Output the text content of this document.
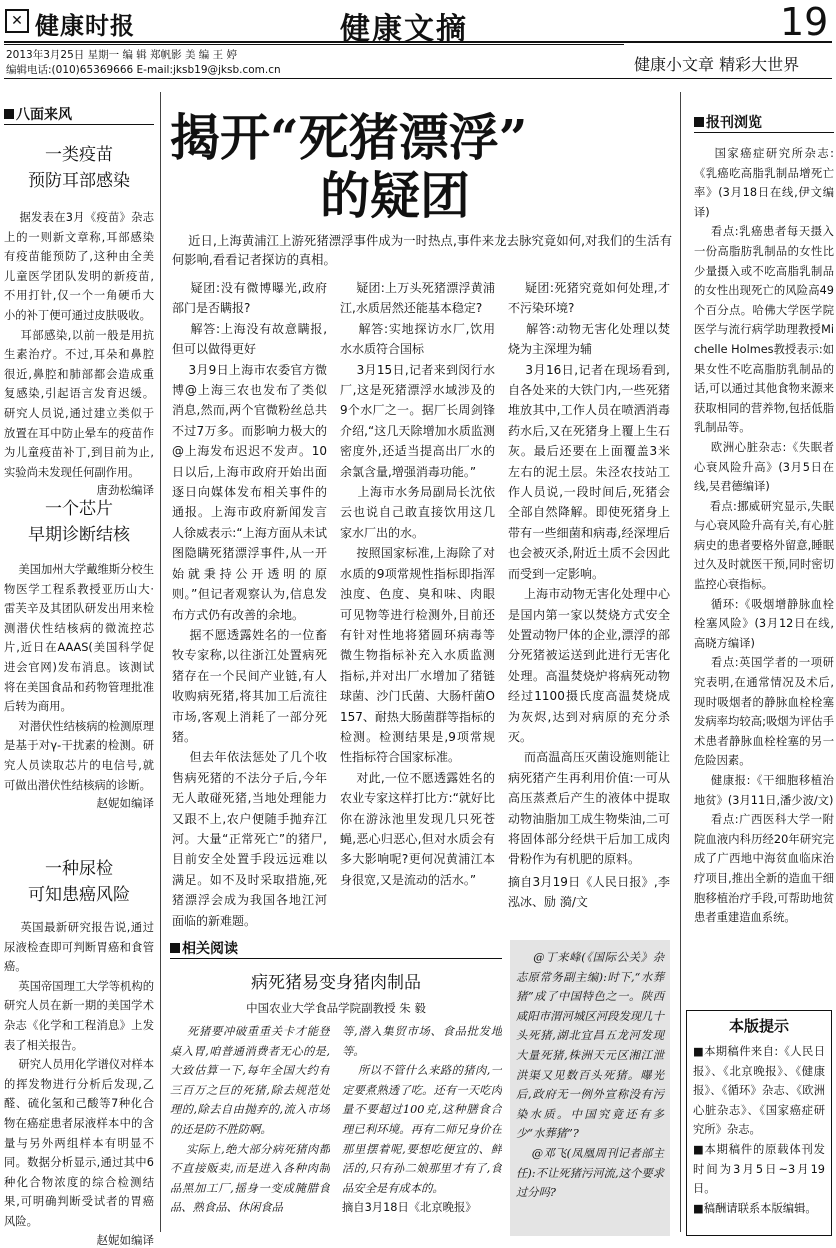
✕ 健康时报	健康文摘	19
2013年3月25日 星期一 编 辑 郑帆影 美 编 王 婷
编辑电话:(010)65369666 E-mail:jksb19@jksb.com.cn	健康小文章 精彩大世界
八面来风
一类疫苗
预防耳部感染
据发表在3月《疫苗》杂志上的一则新文章称,耳部感染有疫苗能预防了,这种由全美儿童医学团队发明的新疫苗,不用打针,仅一个一角硬币大小的补丁便可通过皮肤吸收。
耳部感染,以前一般是用抗生素治疗。不过,耳朵和鼻腔很近,鼻腔和肺部都会造成重复感染,引起语言发育迟缓。研究人员说,通过建立类似于放置在耳中防止晕车的疫苗作为儿童疫苗补丁,到目前为止,实验尚未发现任何副作用。
唐劲松编译
一个芯片
早期诊断结核
美国加州大学戴维斯分校生物医学工程系教授亚历山大·雷芙辛及其团队研发出用来检测潜伏性结核病的微流控芯片,近日在AAAS(美国科学促进会官网)发布消息。该测试将在美国食品和药物管理批准后转为商用。
对潜伏性结核病的检测原理是基于对γ-干扰素的检测。研究人员读取芯片的电信号,就可做出潜伏性结核病的诊断。
赵妮如编译
一种尿检
可知患癌风险
英国最新研究报告说,通过尿液检查即可判断胃癌和食管癌。
英国帝国理工大学等机构的研究人员在新一期的美国学术杂志《化学和工程消息》上发表了相关报告。
研究人员用化学谱仪对样本的挥发物进行分析后发现,乙醛、硫化氢和己酸等7种化合物在癌症患者尿液样本中的含量与另外两组样本有明显不同。数据分析显示,通过其中6种化合物浓度的综合检测结果,可明确判断受试者的胃癌风险。
赵妮如编译
揭开“死猪漂浮”
的疑团
近日,上海黄浦江上游死猪漂浮事件成为一时热点,事件来龙去脉究竟如何,对我们的生活有何影响,看看记者探访的真相。
疑团:没有微博曝光,政府部门是否瞒报?
解答:上海没有故意瞒报,但可以做得更好
3月9日上海市农委官方微博@上海三农也发布了类似消息,然而,两个官微粉丝总共不过7万多。而影响力极大的@上海发布迟迟不发声。10日以后,上海市政府开始出面逐日向媒体发布相关事件的通报。上海市政府新闻发言人徐威表示:“上海方面从未试图隐瞒死猪漂浮事件,从一开始就秉持公开透明的原则。”但记者观察认为,信息发布方式仍有改善的余地。
据不愿透露姓名的一位畜牧专家称,以往浙江处置病死猪存在一个民间产业链,有人收购病死猪,将其加工后流往市场,客观上消耗了一部分死猪。
但去年依法惩处了几个收售病死猪的不法分子后,今年无人敢碰死猪,当地处理能力又跟不上,农户便随手抛弃江河。大量“正常死亡”的猪尸,目前安全处置手段远远难以满足。如不及时采取措施,死猪漂浮会成为我国各地江河面临的新难题。
疑团:上万头死猪漂浮黄浦江,水质居然还能基本稳定?
解答:实地探访水厂,饮用水水质符合国标
3月15日,记者来到闵行水厂,这是死猪漂浮水域涉及的9个水厂之一。据厂长周剑锋介绍,“这几天除增加水质监测密度外,还适当提高出厂水的余氯含量,增强消毒功能。”
上海市水务局副局长沈依云也说自己敢直接饮用这几家水厂出的水。
按照国家标准,上海除了对水质的9项常规性指标即指浑浊度、色度、臭和味、肉眼可见物等进行检测外,目前还有针对性地将猪圆环病毒等微生物指标补充入水质监测指标,并对出厂水增加了猪链球菌、沙门氏菌、大肠杆菌O157、耐热大肠菌群等指标的检测。检测结果是,9项常规性指标符合国家标准。
对此,一位不愿透露姓名的农业专家这样打比方:“就好比你在游泳池里发现几只死苍蝇,恶心归恶心,但对水质会有多大影响呢?更何况黄浦江本身很宽,又是流动的活水。”
疑团:死猪究竟如何处理,才不污染环境?
解答:动物无害化处理以焚烧为主深埋为辅
3月16日,记者在现场看到,自各处来的大铁门内,一些死猪堆放其中,工作人员在喷洒消毒药水后,又在死猪身上覆上生石灰。最后还要在上面覆盖3米左右的泥土层。朱泾农技站工作人员说,一段时间后,死猪会全部自然降解。即使死猪身上带有一些细菌和病毒,经深埋后也会被灭杀,附近土质不会因此而受到一定影响。
上海市动物无害化处理中心是国内第一家以焚烧方式安全处置动物尸体的企业,漂浮的部分死猪被运送到此进行无害化处理。高温焚烧炉将病死动物经过1100摄氏度高温焚烧成为灰烬,达到对病原的充分杀灭。
而高温高压灭菌设施则能让病死猪产生再利用价值:一可从高压蒸煮后产生的液体中提取动物油脂加工成生物柴油,二可将固体部分经烘干后加工成肉骨粉作为有机肥的原料。
摘自3月19日《人民日报》,李泓冰、励 漪/文
相关阅读
病死猪易变身猪肉制品
中国农业大学食品学院副教授 朱 毅
死猪要冲破重重关卡才能登桌入胃,咱普通消费者无心的是,大致估算一下,每年全国大约有三百万之巨的死猪,除去规范处理的,除去自由抛弃的,流入市场的还是防不胜防啊。
实际上,绝大部分病死猪肉都不直接贩卖,而是进入各种肉制品黑加工厂,摇身一变成腌腊食品、熟食品、休闲食品
等,潜入集贸市场、食品批发地等。
所以不管什么来路的猪肉,一定要煮熟透了吃。还有一天吃肉量不要超过100克,这种膳食合理已利环境。再有二师兄身价在那里摆着呢,要想吃便宜的、鲜活的,只有孙二娘那里才有了,食品安全是有成本的。
摘自3月18日《北京晚报》
@丁来峰(《国际公关》杂志原常务副主编):时下,“水葬猪”成了中国特色之一。陕西咸阳市渭河城区河段发现几十头死猪,湖北宜昌五龙河发现大量死猪,株洲天元区湘江泄洪渠又见数百头死猪。曝光后,政府无一例外宣称没有污染水质。中国究竟还有多少“水葬猪”?
@邓飞(凤凰周刊记者部主任):不让死猪污河流,这个要求过分吗?
报刊浏览
国家癌症研究所杂志:《乳癌吃高脂乳制品增死亡率》(3月18日在线,伊文编译)
看点:乳癌患者每天摄入一份高脂肪乳制品的女性比少量摄入或不吃高脂乳制品的女性出现死亡的风险高49个百分点。哈佛大学医学院医学与流行病学助理教授Michelle Holmes教授表示:如果女性不吃高脂肪乳制品的话,可以通过其他食物来源来获取相同的营养物,包括低脂乳制品等。
欧洲心脏杂志:《失眠者心衰风险升高》(3月5日在线,吴君德编译)
看点:挪威研究显示,失眠与心衰风险升高有关,有心脏病史的患者要格外留意,睡眠过久及时就医干预,同时密切监控心衰指标。
循环:《吸烟增静脉血栓栓塞风险》(3月12日在线,高晓方编译)
看点:英国学者的一项研究表明,在通常情况及术后,现时吸烟者的静脉血栓栓塞发病率均较高;吸烟为评估手术患者静脉血栓栓塞的另一危险因素。
健康报:《干细胞移植治地贫》(3月11日,潘少波/文)
看点:广西医科大学一附院血液内科历经20年研究完成了广西地中海贫血临床治疗项目,推出全新的造血干细胞移植治疗手段,可帮助地贫患者重建造血系统。
本版提示
■本期稿件来自:《人民日报》、《北京晚报》、《健康报》、《循环》杂志、《欧洲心脏杂志》、《国家癌症研究所》杂志。
■本期稿件的原载体刊发时间为3月5日~3月19日。
■稿酬请联系本版编辑。
